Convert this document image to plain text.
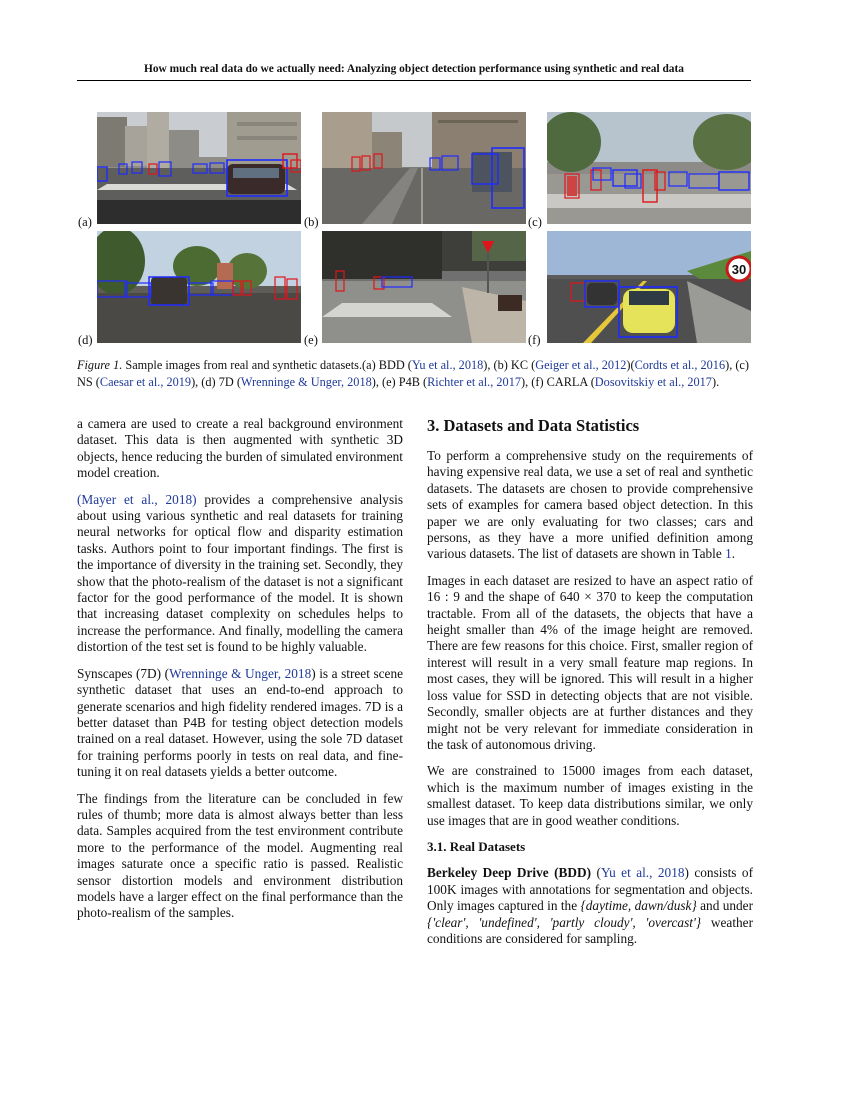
How much real data do we actually need: Analyzing object detection performance using synthetic and real data
(a)	(b)	(c)
(d)	(e)
30
(f)
Figure 1. Sample images from real and synthetic datasets.(a) BDD (Yu et al., 2018), (b) KC (Geiger et al., 2012)(Cordts et al., 2016), (c) NS (Caesar et al., 2019), (d) 7D (Wrenninge & Unger, 2018), (e) P4B (Richter et al., 2017), (f) CARLA (Dosovitskiy et al., 2017).

a camera are used to create a real background environment dataset. This data is then augmented with synthetic 3D objects, hence reducing the burden of simulated environment model creation.

(Mayer et al., 2018) provides a comprehensive analysis about using various synthetic and real datasets for training neural networks for optical flow and disparity estimation tasks. Authors point to four important findings. The first is the importance of diversity in the training set. Secondly, they show that the photo-realism of the dataset is not a significant factor for the good performance of the model. It is shown that increasing dataset complexity on schedules helps to increase the performance. And finally, modelling the camera distortion of the test set is found to be highly valuable.

Synscapes (7D) (Wrenninge & Unger, 2018) is a street scene synthetic dataset that uses an end-to-end approach to generate scenarios and high fidelity rendered images. 7D is a better dataset than P4B for testing object detection models trained on a real dataset. However, using the sole 7D dataset for training performs poorly in tests on real data, and fine-tuning it on real datasets yields a better outcome.

The findings from the literature can be concluded in few rules of thumb; more data is almost always better than less data. Samples acquired from the test environment contribute more to the performance of the model. Augmenting real images saturate once a specific ratio is passed. Realistic sensor distortion models and environment distribution models have a larger effect on the final performance than the photo-realism of the samples.

3. Datasets and Data Statistics

To perform a comprehensive study on the requirements of having expensive real data, we use a set of real and synthetic datasets. The datasets are chosen to provide comprehensive sets of examples for camera based object detection. In this paper we are only evaluating for two classes; cars and persons, as they have a more unified definition among various datasets. The list of datasets are shown in Table 1.

Images in each dataset are resized to have an aspect ratio of 16 : 9 and the shape of 640 × 370 to keep the computation tractable. From all of the datasets, the objects that have a height smaller than 4% of the image height are removed. There are few reasons for this choice. First, smaller region of interest will result in a very small feature map regions. In most cases, they will be ignored. This will result in a higher loss value for SSD in detecting objects that are not visible. Secondly, smaller objects are at further distances and they might not be very relevant for immediate consideration in the task of autonomous driving.

We are constrained to 15000 images from each dataset, which is the maximum number of images existing in the smallest dataset. To keep data distributions similar, we only use images that are in good weather conditions.

3.1. Real Datasets

Berkeley Deep Drive (BDD) (Yu et al., 2018) consists of 100K images with annotations for segmentation and objects. Only images captured in the {daytime, dawn/dusk} and under {'clear', 'undefined', 'partly cloudy', 'overcast'} weather conditions are considered for sampling.
